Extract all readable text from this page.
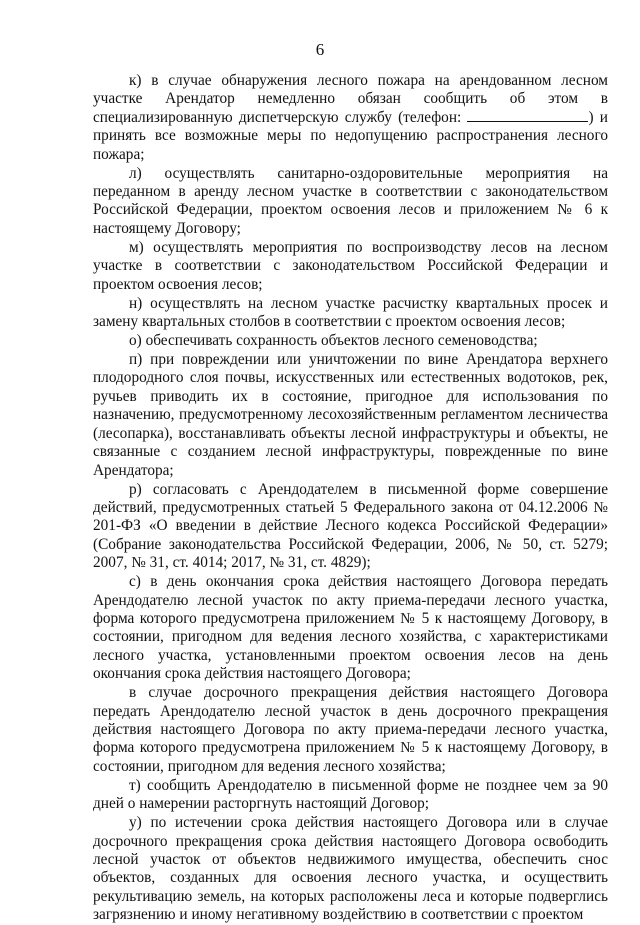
6

к) в случае обнаружения лесного пожара на арендованном лесном участке Арендатор немедленно обязан сообщить об этом в специализированную диспетчерскую службу (телефон:	) и принять все возможные меры по недопущению распространения лесного пожара;

л) осуществлять санитарно-оздоровительные мероприятия на переданном в аренду лесном участке в соответствии с законодательством Российской Федерации, проектом освоения лесов и приложением № 6 к настоящему Договору;

м) осуществлять мероприятия по воспроизводству лесов на лесном участке в соответствии с законодательством Российской Федерации и проектом освоения лесов;

н) осуществлять на лесном участке расчистку квартальных просек и замену квартальных столбов в соответствии с проектом освоения лесов;

о) обеспечивать сохранность объектов лесного семеноводства;

п) при повреждении или уничтожении по вине Арендатора верхнего плодородного слоя почвы, искусственных или естественных водотоков, рек, ручьев приводить их в состояние, пригодное для использования по назначению, предусмотренному лесохозяйственным регламентом лесничества (лесопарка), восстанавливать объекты лесной инфраструктуры и объекты, не связанные с созданием лесной инфраструктуры, поврежденные по вине Арендатора;

р) согласовать с Арендодателем в письменной форме совершение действий, предусмотренных статьей 5 Федерального закона от 04.12.2006 № 201-ФЗ «О введении в действие Лесного кодекса Российской Федерации» (Собрание законодательства Российской Федерации, 2006, № 50, ст. 5279; 2007, № 31, ст. 4014; 2017, № 31, ст. 4829);

с) в день окончания срока действия настоящего Договора передать Арендодателю лесной участок по акту приема-передачи лесного участка, форма которого предусмотрена приложением № 5 к настоящему Договору, в состоянии, пригодном для ведения лесного хозяйства, с характеристиками лесного участка, установленными проектом освоения лесов на день окончания срока действия настоящего Договора;

в случае досрочного прекращения действия настоящего Договора передать Арендодателю лесной участок в день досрочного прекращения действия настоящего Договора по акту приема-передачи лесного участка, форма которого предусмотрена приложением № 5 к настоящему Договору, в состоянии, пригодном для ведения лесного хозяйства;

т) сообщить Арендодателю в письменной форме не позднее чем за 90 дней о намерении расторгнуть настоящий Договор;

у) по истечении срока действия настоящего Договора или в случае досрочного прекращения срока действия настоящего Договора освободить лесной участок от объектов недвижимого имущества, обеспечить снос объектов, созданных для освоения лесного участка, и осуществить рекультивацию земель, на которых расположены леса и которые подверглись загрязнению и иному негативному воздействию в соответствии с проектом
